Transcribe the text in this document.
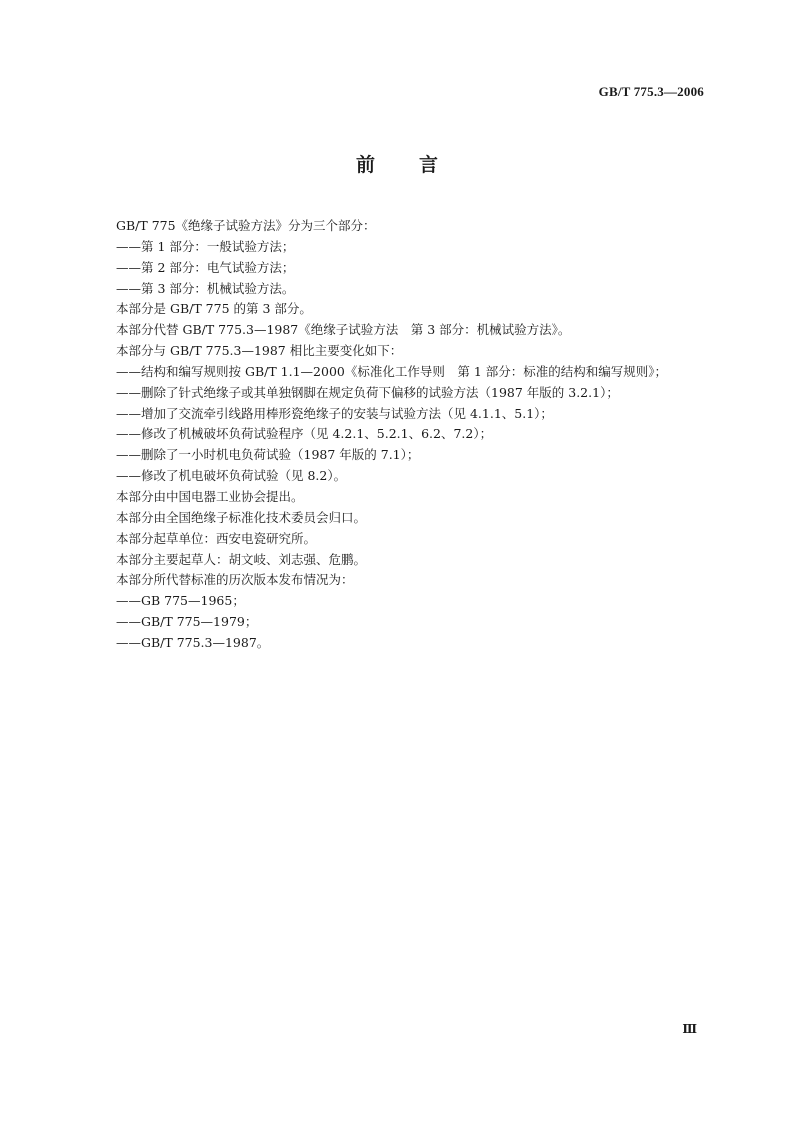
GB/T 775.3—2006
前言
GB/T 775《绝缘子试验方法》分为三个部分：
——第 1 部分：一般试验方法；
——第 2 部分：电气试验方法；
——第 3 部分：机械试验方法。
本部分是 GB/T 775 的第 3 部分。
本部分代替 GB/T 775.3—1987《绝缘子试验方法　第 3 部分：机械试验方法》。
本部分与 GB/T 775.3—1987 相比主要变化如下：
——结构和编写规则按 GB/T 1.1—2000《标准化工作导则　第 1 部分：标准的结构和编写规则》；
——删除了针式绝缘子或其单独钢脚在规定负荷下偏移的试验方法（1987 年版的 3.2.1）；
——增加了交流牵引线路用棒形瓷绝缘子的安装与试验方法（见 4.1.1、5.1）；
——修改了机械破坏负荷试验程序（见 4.2.1、5.2.1、6.2、7.2）；
——删除了一小时机电负荷试验（1987 年版的 7.1）；
——修改了机电破坏负荷试验（见 8.2）。
本部分由中国电器工业协会提出。
本部分由全国绝缘子标准化技术委员会归口。
本部分起草单位：西安电瓷研究所。
本部分主要起草人：胡文岐、刘志强、危鹏。
本部分所代替标准的历次版本发布情况为：
——GB 775—1965；
——GB/T 775—1979；
——GB/T 775.3—1987。
Ⅲ
